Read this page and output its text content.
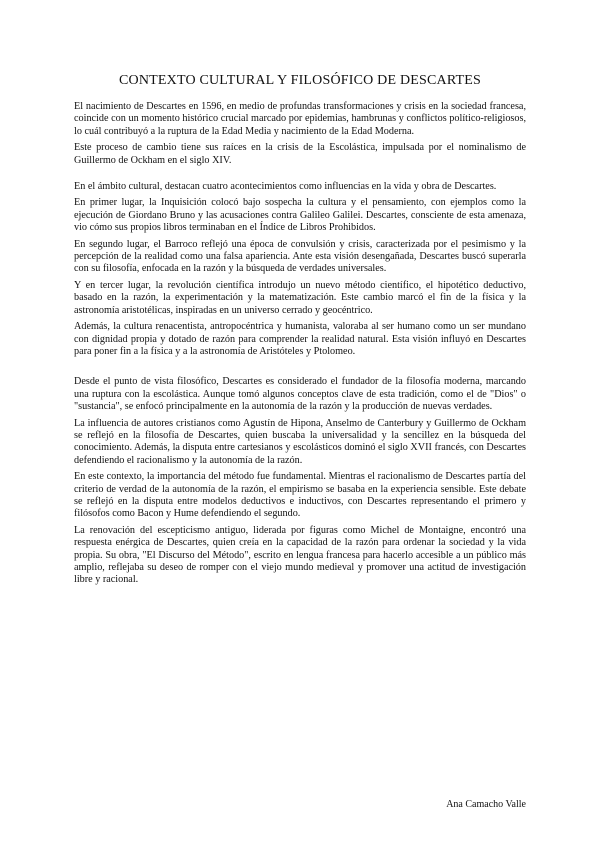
CONTEXTO CULTURAL Y FILOSÓFICO DE DESCARTES

El nacimiento de Descartes en 1596, en medio de profundas transformaciones y crisis en la sociedad francesa, coincide con un momento histórico crucial marcado por epidemias, hambrunas y conflictos político-religiosos, lo cuál contribuyó a la ruptura de la Edad Media y nacimiento de la Edad Moderna.

Este proceso de cambio tiene sus raíces en la crisis de la Escolástica, impulsada por el nominalismo de Guillermo de Ockham en el siglo XIV.

En el ámbito cultural, destacan cuatro acontecimientos como influencias en la vida y obra de Descartes.

En primer lugar, la Inquisición colocó bajo sospecha la cultura y el pensamiento, con ejemplos como la ejecución de Giordano Bruno y las acusaciones contra Galileo Galilei. Descartes, consciente de esta amenaza, vio cómo sus propios libros terminaban en el Índice de Libros Prohibidos.

En segundo lugar, el Barroco reflejó una época de convulsión y crisis, caracterizada por el pesimismo y la percepción de la realidad como una falsa apariencia. Ante esta visión desengañada, Descartes buscó superarla con su filosofía, enfocada en la razón y la búsqueda de verdades universales.

Y en tercer lugar, la revolución científica introdujo un nuevo método científico, el hipotético deductivo, basado en la razón, la experimentación y la matematización. Este cambio marcó el fin de la física y la astronomía aristotélicas, inspiradas en un universo cerrado y geocéntrico.

Además, la cultura renacentista, antropocéntrica y humanista, valoraba al ser humano como un ser mundano con dignidad propia y dotado de razón para comprender la realidad natural. Esta visión influyó en Descartes para poner fin a la física y a la astronomía de Aristóteles y Ptolomeo.

Desde el punto de vista filosófico, Descartes es considerado el fundador de la filosofía moderna, marcando una ruptura con la escolástica. Aunque tomó algunos conceptos clave de esta tradición, como el de "Dios" o "sustancia", se enfocó principalmente en la autonomía de la razón y la producción de nuevas verdades.

La influencia de autores cristianos como Agustín de Hipona, Anselmo de Canterbury y Guillermo de Ockham se reflejó en la filosofía de Descartes, quien buscaba la universalidad y la sencillez en la búsqueda del conocimiento. Además, la disputa entre cartesianos y escolásticos dominó el siglo XVII francés, con Descartes defendiendo el racionalismo y la autonomía de la razón.

En este contexto, la importancia del método fue fundamental. Mientras el racionalismo de Descartes partía del criterio de verdad de la autonomía de la razón, el empirismo se basaba en la experiencia sensible. Este debate se reflejó en la disputa entre modelos deductivos e inductivos, con Descartes representando el primero y filósofos como Bacon y Hume defendiendo el segundo.

La renovación del escepticismo antiguo, liderada por figuras como Michel de Montaigne, encontró una respuesta enérgica de Descartes, quien creía en la capacidad de la razón para ordenar la sociedad y la vida propia. Su obra, "El Discurso del Método", escrito en lengua francesa para hacerlo accesible a un público más amplio, reflejaba su deseo de romper con el viejo mundo medieval y promover una actitud de investigación libre y racional.

Ana Camacho Valle
